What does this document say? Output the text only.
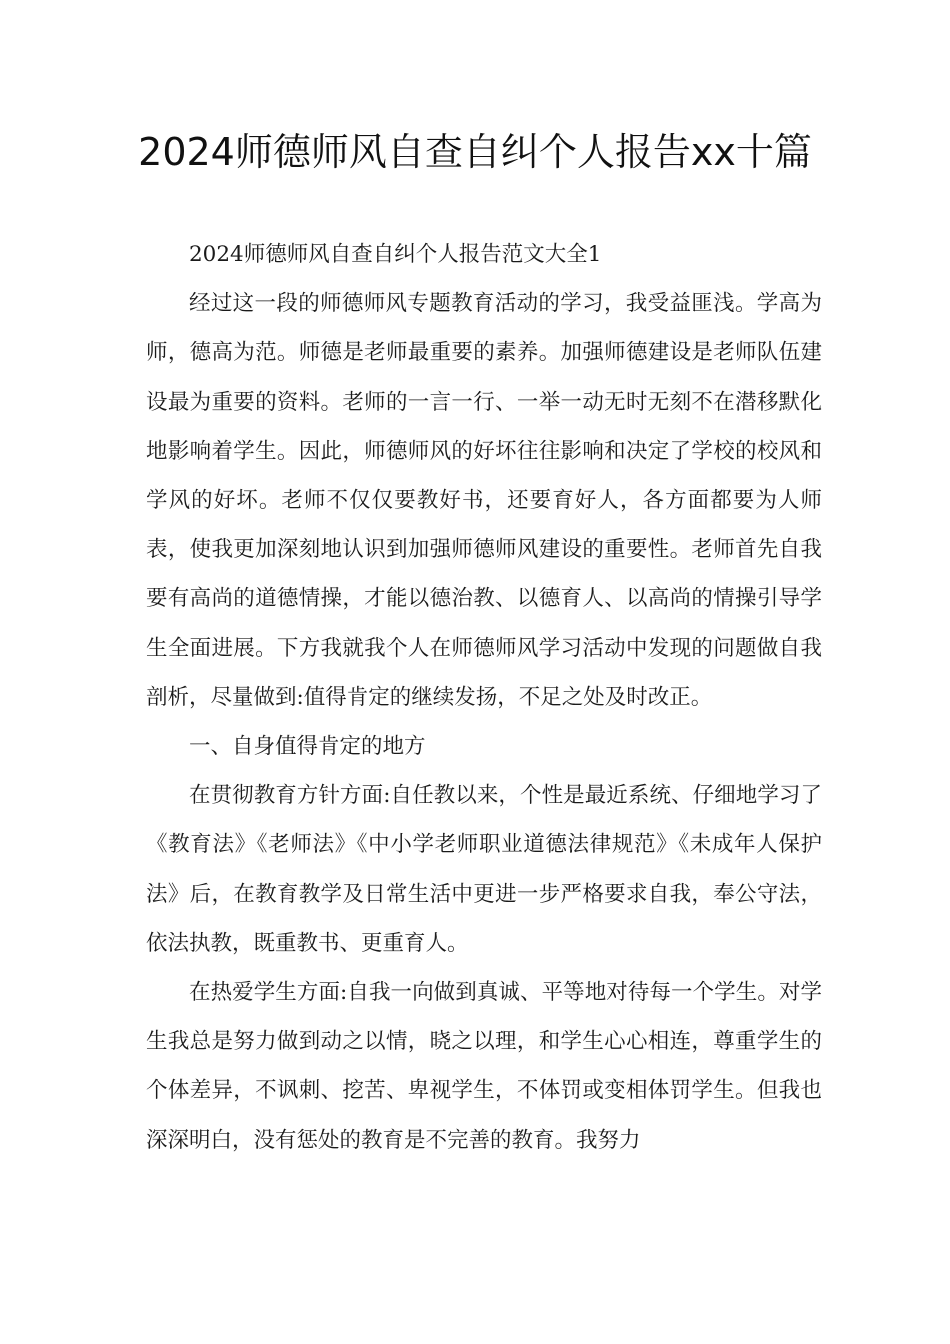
2024师德师风自查自纠个人报告xx十篇

2024师德师风自查自纠个人报告范文大全1

经过这一段的师德师风专题教育活动的学习，我受益匪浅。学高为师，德高为范。师德是老师最重要的素养。加强师德建设是老师队伍建设最为重要的资料。老师的一言一行、一举一动无时无刻不在潜移默化地影响着学生。因此，师德师风的好坏往往影响和决定了学校的校风和学风的好坏。老师不仅仅要教好书，还要育好人，各方面都要为人师表，使我更加深刻地认识到加强师德师风建设的重要性。老师首先自我要有高尚的道德情操，才能以德治教、以德育人、以高尚的情操引导学生全面进展。下方我就我个人在师德师风学习活动中发现的问题做自我剖析，尽量做到:值得肯定的继续发扬，不足之处及时改正。

一、自身值得肯定的地方

在贯彻教育方针方面:自任教以来，个性是最近系统、仔细地学习了《教育法》《老师法》《中小学老师职业道德法律规范》《未成年人保护法》后，在教育教学及日常生活中更进一步严格要求自我，奉公守法，依法执教，既重教书、更重育人。

在热爱学生方面:自我一向做到真诚、平等地对待每一个学生。对学生我总是努力做到动之以情，晓之以理，和学生心心相连，尊重学生的个体差异，不讽刺、挖苦、卑视学生，不体罚或变相体罚学生。但我也深深明白，没有惩处的教育是不完善的教育。我努力
